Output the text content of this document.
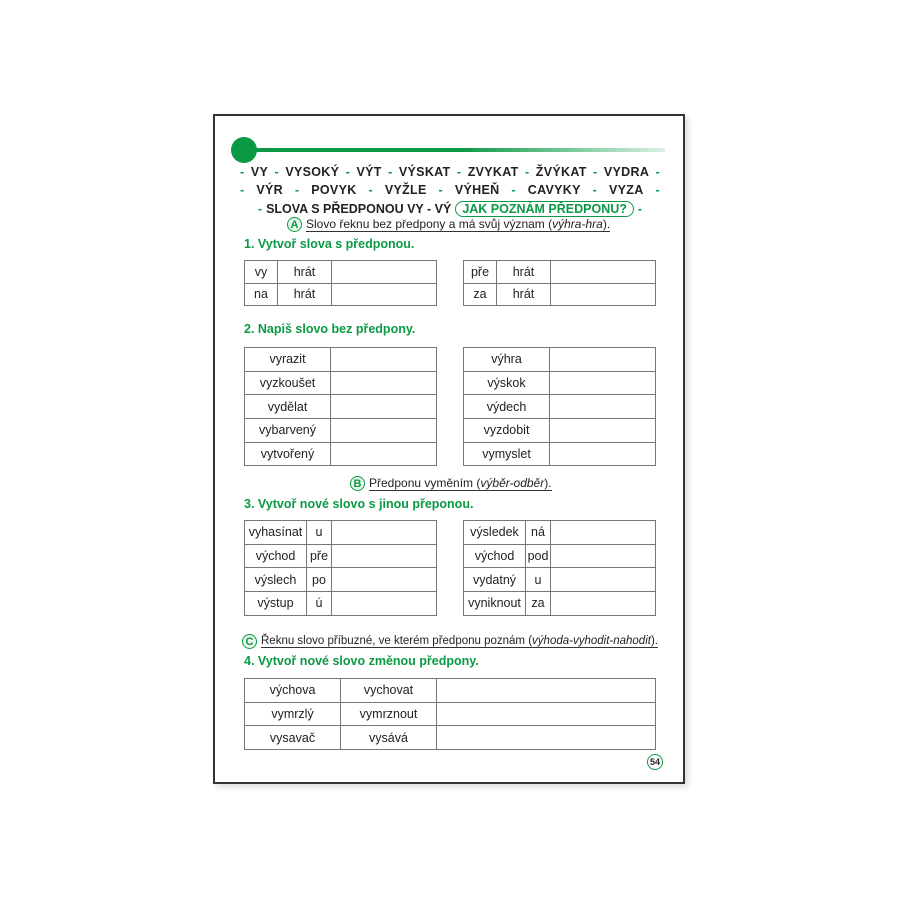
- VY - VYSOKÝ - VÝT - VÝSKAT - ZVYKAT - ŽVÝKAT - VYDRA -
- VÝR - POVYK - VYŽLE - VÝHEŇ - CAVYKY - VYZA -
- SLOVA S PŘEDPONOU VY - VÝ JAK POZNÁM PŘEDPONU? -
A Slovo řeknu bez předpony a má svůj význam (výhra-hra).
1. Vytvoř slova s předponou.
vy	hrát	
na	hrát	
pře	hrát	
za	hrát	
2. Napiš slovo bez předpony.
vyrazit	
vyzkoušet	
vydělat	
vybarvený	
vytvořený	
výhra	
výskok	
výdech	
vyzdobit	
vymyslet	
B Předponu vyměním (výběr-odběr).
3. Vytvoř nové slovo s jinou přeponou.
vyhasínat	u	
východ	pře	
výslech	po	
výstup	ú	
výsledek	ná	
východ	pod	
vydatný	u	
vyniknout	za	
C Řeknu slovo příbuzné, ve kterém předponu poznám (výhoda-vyhodit-nahodit).
4. Vytvoř nové slovo změnou předpony.
výchova	vychovat	
vymrzlý	vymrznout	
vysavač	vysává	
54
